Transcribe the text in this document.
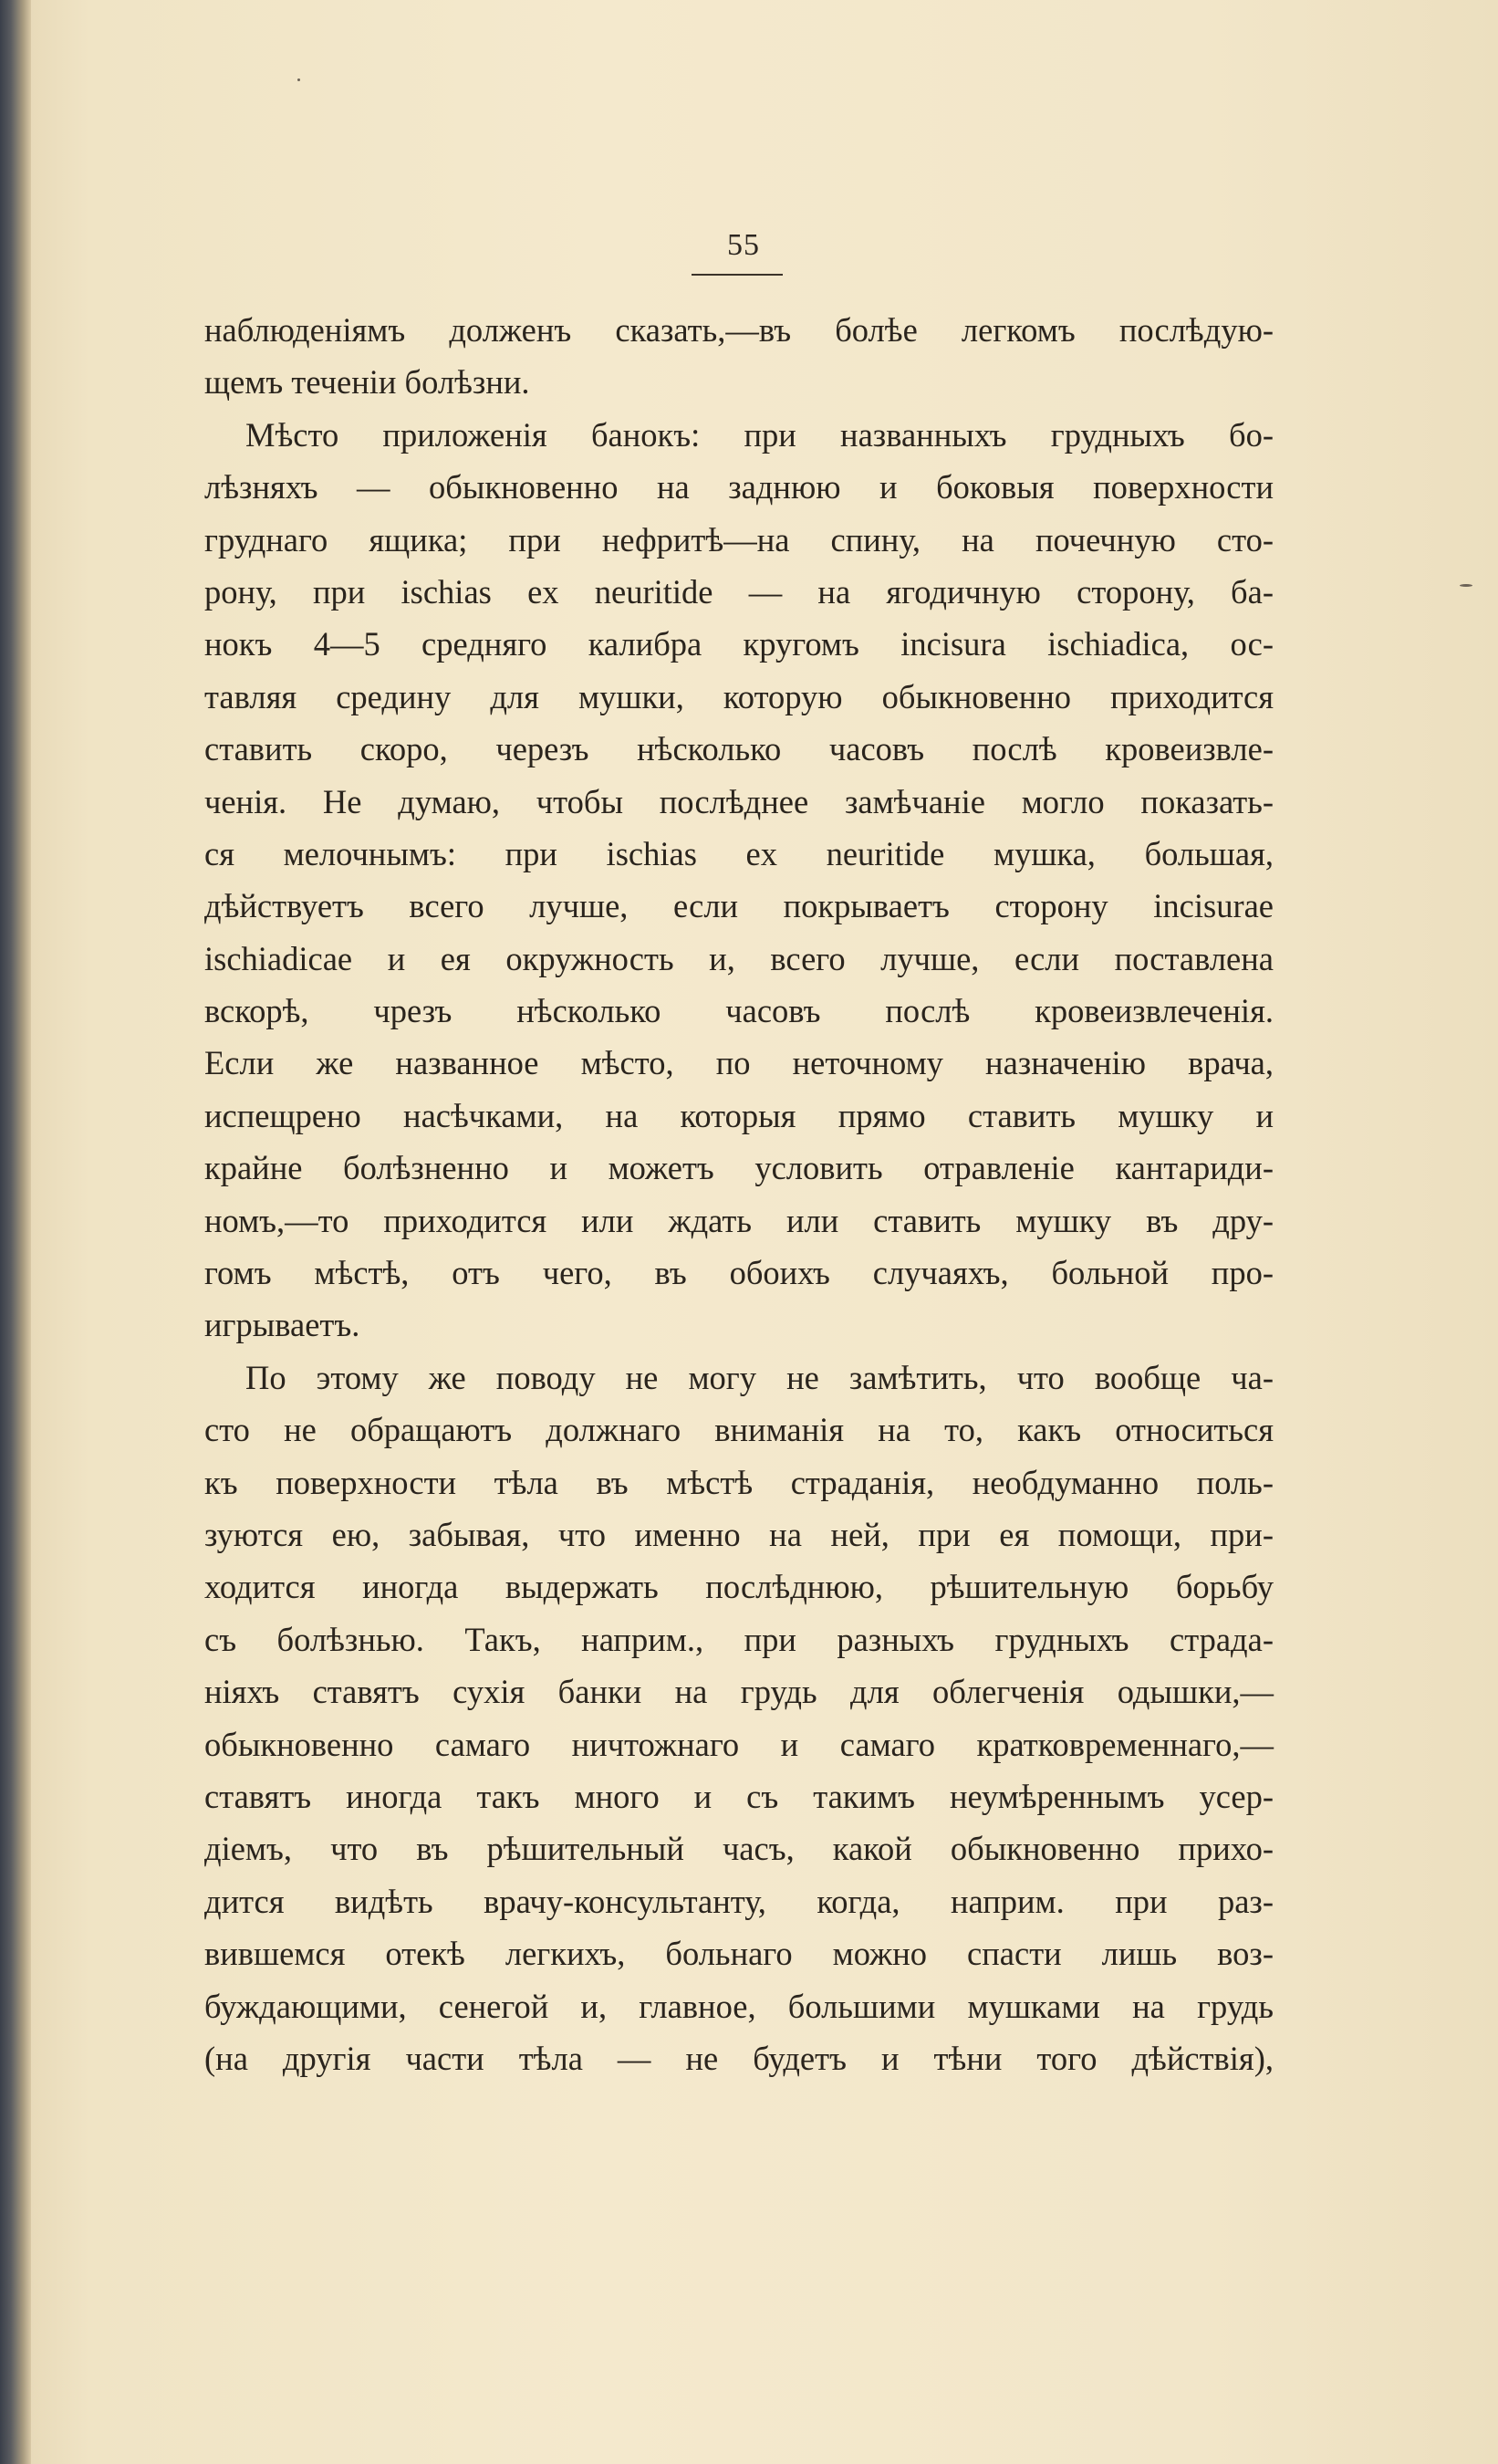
55
наблюденіямъ долженъ сказать,—въ болѣе легкомъ послѣдую-
щемъ теченіи болѣзни.
Мѣсто приложенія банокъ: при названныхъ грудныхъ бо-
лѣзняхъ — обыкновенно на заднюю и боковыя поверхности
груднаго ящика; при нефритѣ—на спину, на почечную сто-
рону, при ischias ex neuritide — на ягодичную сторону, ба-
нокъ 4—5 средняго калибра кругомъ incisura ischiadica, ос-
тавляя средину для мушки, которую обыкновенно приходится
ставить скоро, черезъ нѣсколько часовъ послѣ кровеизвле-
ченія. Не думаю, чтобы послѣднее замѣчаніе могло показать-
ся мелочнымъ: при ischias ex neuritide мушка, большая,
дѣйствуетъ всего лучше, если покрываетъ сторону incisurae
ischiadicae и ея окружность и, всего лучше, если поставлена
вскорѣ, чрезъ нѣсколько часовъ послѣ кровеизвлеченія.
Если же названное мѣсто, по неточному назначенію врача,
испещрено насѣчками, на которыя прямо ставить мушку и
крайне болѣзненно и можетъ условить отравленіе кантариди-
номъ,—то приходится или ждать или ставить мушку въ дру-
гомъ мѣстѣ, отъ чего, въ обоихъ случаяхъ, больной про-
игрываетъ.
По этому же поводу не могу не замѣтить, что вообще ча-
сто не обращаютъ должнаго вниманія на то, какъ относиться
къ поверхности тѣла въ мѣстѣ страданія, необдуманно поль-
зуются ею, забывая, что именно на ней, при ея помощи, при-
ходится иногда выдержать послѣднюю, рѣшительную борьбу
съ болѣзнью. Такъ, наприм., при разныхъ грудныхъ страда-
ніяхъ ставятъ сухія банки на грудь для облегченія одышки,—
обыкновенно самаго ничтожнаго и самаго кратковременнаго,—
ставятъ иногда такъ много и съ такимъ неумѣреннымъ усер-
діемъ, что въ рѣшительный часъ, какой обыкновенно прихо-
дится видѣть врачу-консультанту, когда, наприм. при раз-
вившемся отекѣ легкихъ, больнаго можно спасти лишь воз-
буждающими, сенегой и, главное, большими мушками на грудь
(на другія части тѣла — не будетъ и тѣни того дѣйствія),
